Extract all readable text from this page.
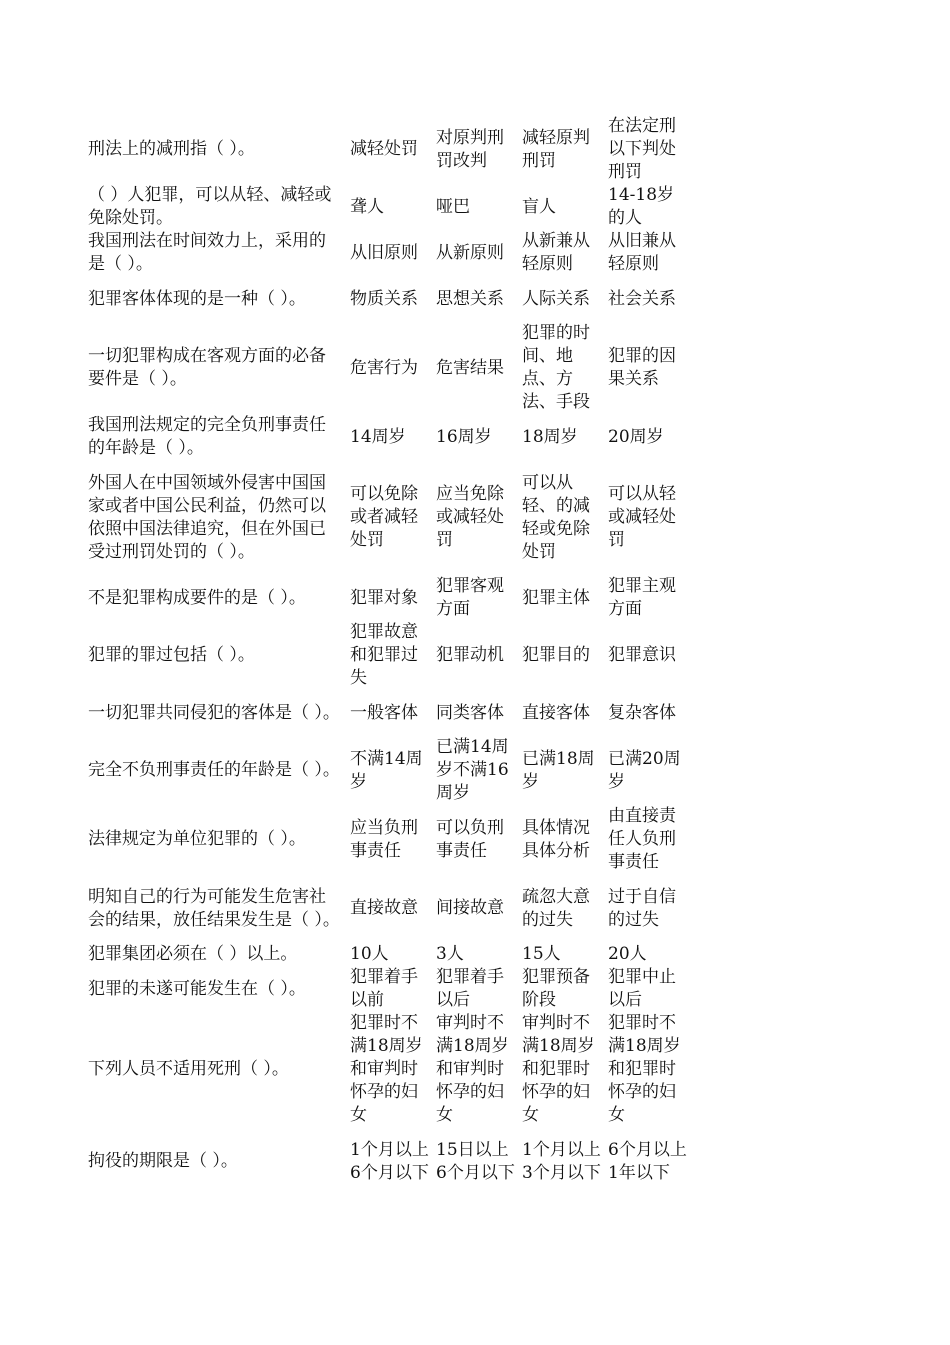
刑法上的减刑指（ ）。	减轻处罚	对原判刑罚改判	减轻原判刑罚	在法定刑以下判处刑罚
（ ）人犯罪，可以从轻、减轻或免除处罚。	聋人	哑巴	盲人	14-18岁的人
我国刑法在时间效力上，采用的是（ ）。	从旧原则	从新原则	从新兼从轻原则	从旧兼从轻原则
犯罪客体体现的是一种（ ）。	物质关系	思想关系	人际关系	社会关系
一切犯罪构成在客观方面的必备要件是（ ）。	危害行为	危害结果	犯罪的时间、地点、方法、手段	犯罪的因果关系
我国刑法规定的完全负刑事责任的年龄是（ ）。	14周岁	16周岁	18周岁	20周岁
外国人在中国领域外侵害中国国家或者中国公民利益，仍然可以依照中国法律追究，但在外国已受过刑罚处罚的（ ）。	可以免除或者减轻处罚	应当免除或减轻处罚	可以从轻、的减轻或免除处罚	可以从轻或减轻处罚
不是犯罪构成要件的是（ ）。	犯罪对象	犯罪客观方面	犯罪主体	犯罪主观方面
犯罪的罪过包括（ ）。	犯罪故意和犯罪过失	犯罪动机	犯罪目的	犯罪意识
一切犯罪共同侵犯的客体是（ ）。	一般客体	同类客体	直接客体	复杂客体
完全不负刑事责任的年龄是（ ）。	不满14周岁	已满14周岁不满16周岁	已满18周岁	已满20周岁
法律规定为单位犯罪的（ ）。	应当负刑事责任	可以负刑事责任	具体情况具体分析	由直接责任人负刑事责任
明知自己的行为可能发生危害社会的结果，放任结果发生是（ ）。	直接故意	间接故意	疏忽大意的过失	过于自信的过失
犯罪集团必须在（ ）以上。	10人	3人	15人	20人
犯罪的未遂可能发生在（ ）。	犯罪着手以前	犯罪着手以后	犯罪预备阶段	犯罪中止以后
下列人员不适用死刑（ ）。	犯罪时不满18周岁和审判时怀孕的妇女	审判时不满18周岁和审判时怀孕的妇女	审判时不满18周岁和犯罪时怀孕的妇女	犯罪时不满18周岁和犯罪时怀孕的妇女
拘役的期限是（ ）。	1个月以上6个月以下	15日以上6个月以下	1个月以上3个月以下	6个月以上1年以下
